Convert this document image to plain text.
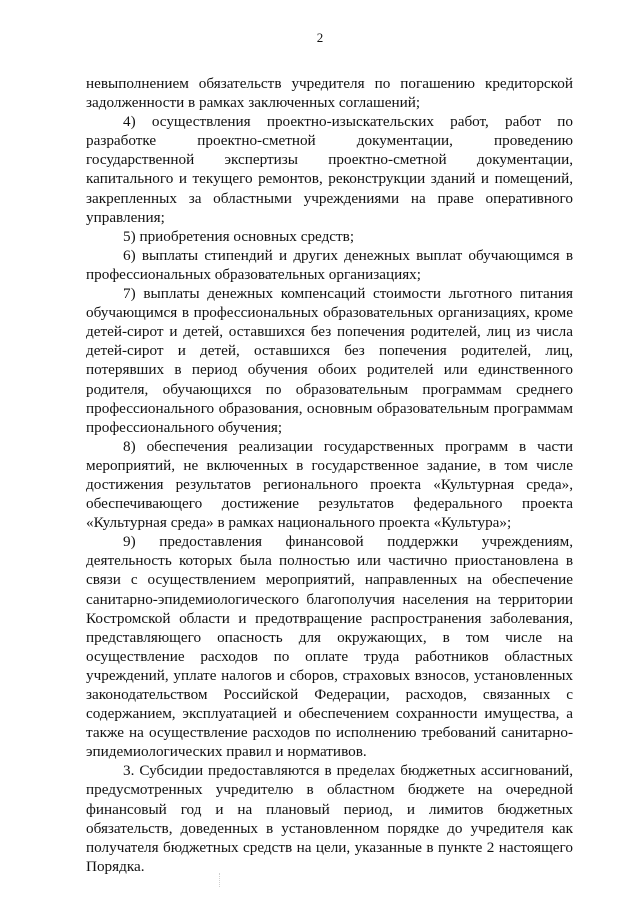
2

невыполнением обязательств учредителя по погашению кредиторской задолженности в рамках заключенных соглашений;

4) осуществления проектно-изыскательских работ, работ по разработке проектно-сметной документации, проведению государственной экспертизы проектно-сметной документации, капитального и текущего ремонтов, реконструкции зданий и помещений, закрепленных за областными учреждениями на праве оперативного управления;

5) приобретения основных средств;

6) выплаты стипендий и других денежных выплат обучающимся в профессиональных образовательных организациях;

7) выплаты денежных компенсаций стоимости льготного питания обучающимся в профессиональных образовательных организациях, кроме детей-сирот и детей, оставшихся без попечения родителей, лиц из числа детей-сирот и детей, оставшихся без попечения родителей, лиц, потерявших в период обучения обоих родителей или единственного родителя, обучающихся по образовательным программам среднего профессионального образования, основным образовательным программам профессионального обучения;

8) обеспечения реализации государственных программ в части мероприятий, не включенных в государственное задание, в том числе достижения результатов регионального проекта «Культурная среда», обеспечивающего достижение результатов федерального проекта «Культурная среда» в рамках национального проекта «Культура»;

9) предоставления финансовой поддержки учреждениям, деятельность которых была полностью или частично приостановлена в связи с осуществлением мероприятий, направленных на обеспечение санитарно-эпидемиологического благополучия населения на территории Костромской области и предотвращение распространения заболевания, представляющего опасность для окружающих, в том числе на осуществление расходов по оплате труда работников областных учреждений, уплате налогов и сборов, страховых взносов, установленных законодательством Российской Федерации, расходов, связанных с содержанием, эксплуатацией и обеспечением сохранности имущества, а также на осуществление расходов по исполнению требований санитарно-эпидемиологических правил и нормативов.

3. Субсидии предоставляются в пределах бюджетных ассигнований, предусмотренных учредителю в областном бюджете на очередной финансовый год и на плановый период, и лимитов бюджетных обязательств, доведенных в установленном порядке до учредителя как получателя бюджетных средств на цели, указанные в пункте 2 настоящего Порядка.
